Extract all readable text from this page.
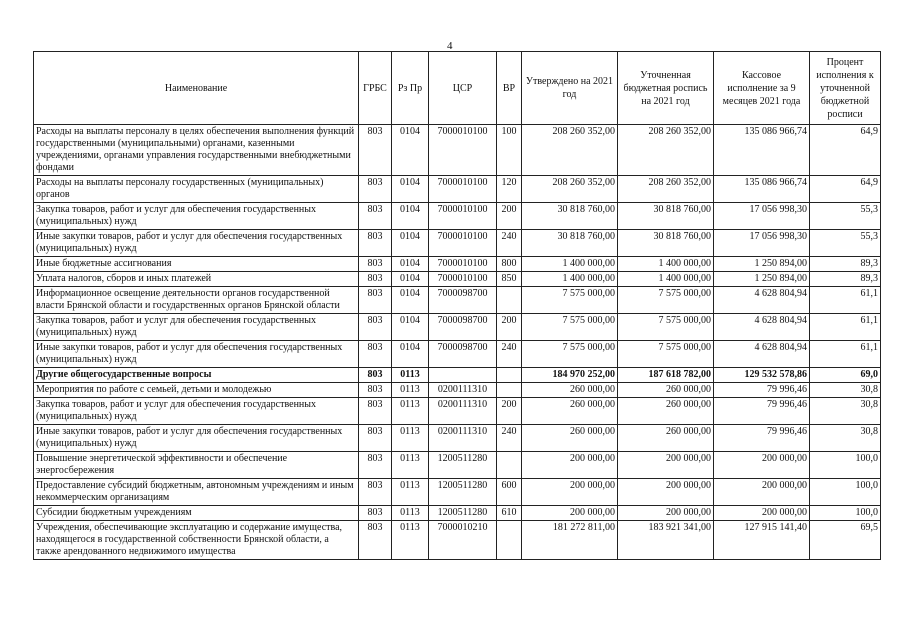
4
Наименование	ГРБС	Рз Пр	ЦСР	ВР	Утверждено на 2021 год	Уточненная бюджетная роспись на 2021 год	Кассовое исполнение за 9 месяцев 2021 года	Процент исполнения к уточненной бюджетной росписи
Расходы на выплаты персоналу в целях обеспечения выполнения функций государственными (муниципальными) органами, казенными учреждениями, органами управления государственными внебюджетными фондами	803	0104	7000010100	100	208 260 352,00	208 260 352,00	135 086 966,74	64,9
Расходы на выплаты персоналу государственных (муниципальных) органов	803	0104	7000010100	120	208 260 352,00	208 260 352,00	135 086 966,74	64,9
Закупка товаров, работ и услуг для обеспечения государственных (муниципальных) нужд	803	0104	7000010100	200	30 818 760,00	30 818 760,00	17 056 998,30	55,3
Иные закупки товаров, работ и услуг для обеспечения государственных (муниципальных) нужд	803	0104	7000010100	240	30 818 760,00	30 818 760,00	17 056 998,30	55,3
Иные бюджетные ассигнования	803	0104	7000010100	800	1 400 000,00	1 400 000,00	1 250 894,00	89,3
Уплата налогов, сборов и иных платежей	803	0104	7000010100	850	1 400 000,00	1 400 000,00	1 250 894,00	89,3
Информационное освещение деятельности органов государственной власти Брянской области и государственных органов Брянской области	803	0104	7000098700		7 575 000,00	7 575 000,00	4 628 804,94	61,1
Закупка товаров, работ и услуг для обеспечения государственных (муниципальных) нужд	803	0104	7000098700	200	7 575 000,00	7 575 000,00	4 628 804,94	61,1
Иные закупки товаров, работ и услуг для обеспечения государственных (муниципальных) нужд	803	0104	7000098700	240	7 575 000,00	7 575 000,00	4 628 804,94	61,1
Другие общегосударственные вопросы	803	0113			184 970 252,00	187 618 782,00	129 532 578,86	69,0
Мероприятия по работе с семьей, детьми и молодежью	803	0113	0200111310		260 000,00	260 000,00	79 996,46	30,8
Закупка товаров, работ и услуг для обеспечения государственных (муниципальных) нужд	803	0113	0200111310	200	260 000,00	260 000,00	79 996,46	30,8
Иные закупки товаров, работ и услуг для обеспечения государственных (муниципальных) нужд	803	0113	0200111310	240	260 000,00	260 000,00	79 996,46	30,8
Повышение энергетической эффективности и обеспечение энергосбережения	803	0113	1200511280		200 000,00	200 000,00	200 000,00	100,0
Предоставление субсидий бюджетным, автономным учреждениям и иным некоммерческим организациям	803	0113	1200511280	600	200 000,00	200 000,00	200 000,00	100,0
Субсидии бюджетным учреждениям	803	0113	1200511280	610	200 000,00	200 000,00	200 000,00	100,0
Учреждения, обеспечивающие эксплуатацию и содержание имущества, находящегося в государственной собственности Брянской области, а также арендованного недвижимого имущества	803	0113	7000010210		181 272 811,00	183 921 341,00	127 915 141,40	69,5
